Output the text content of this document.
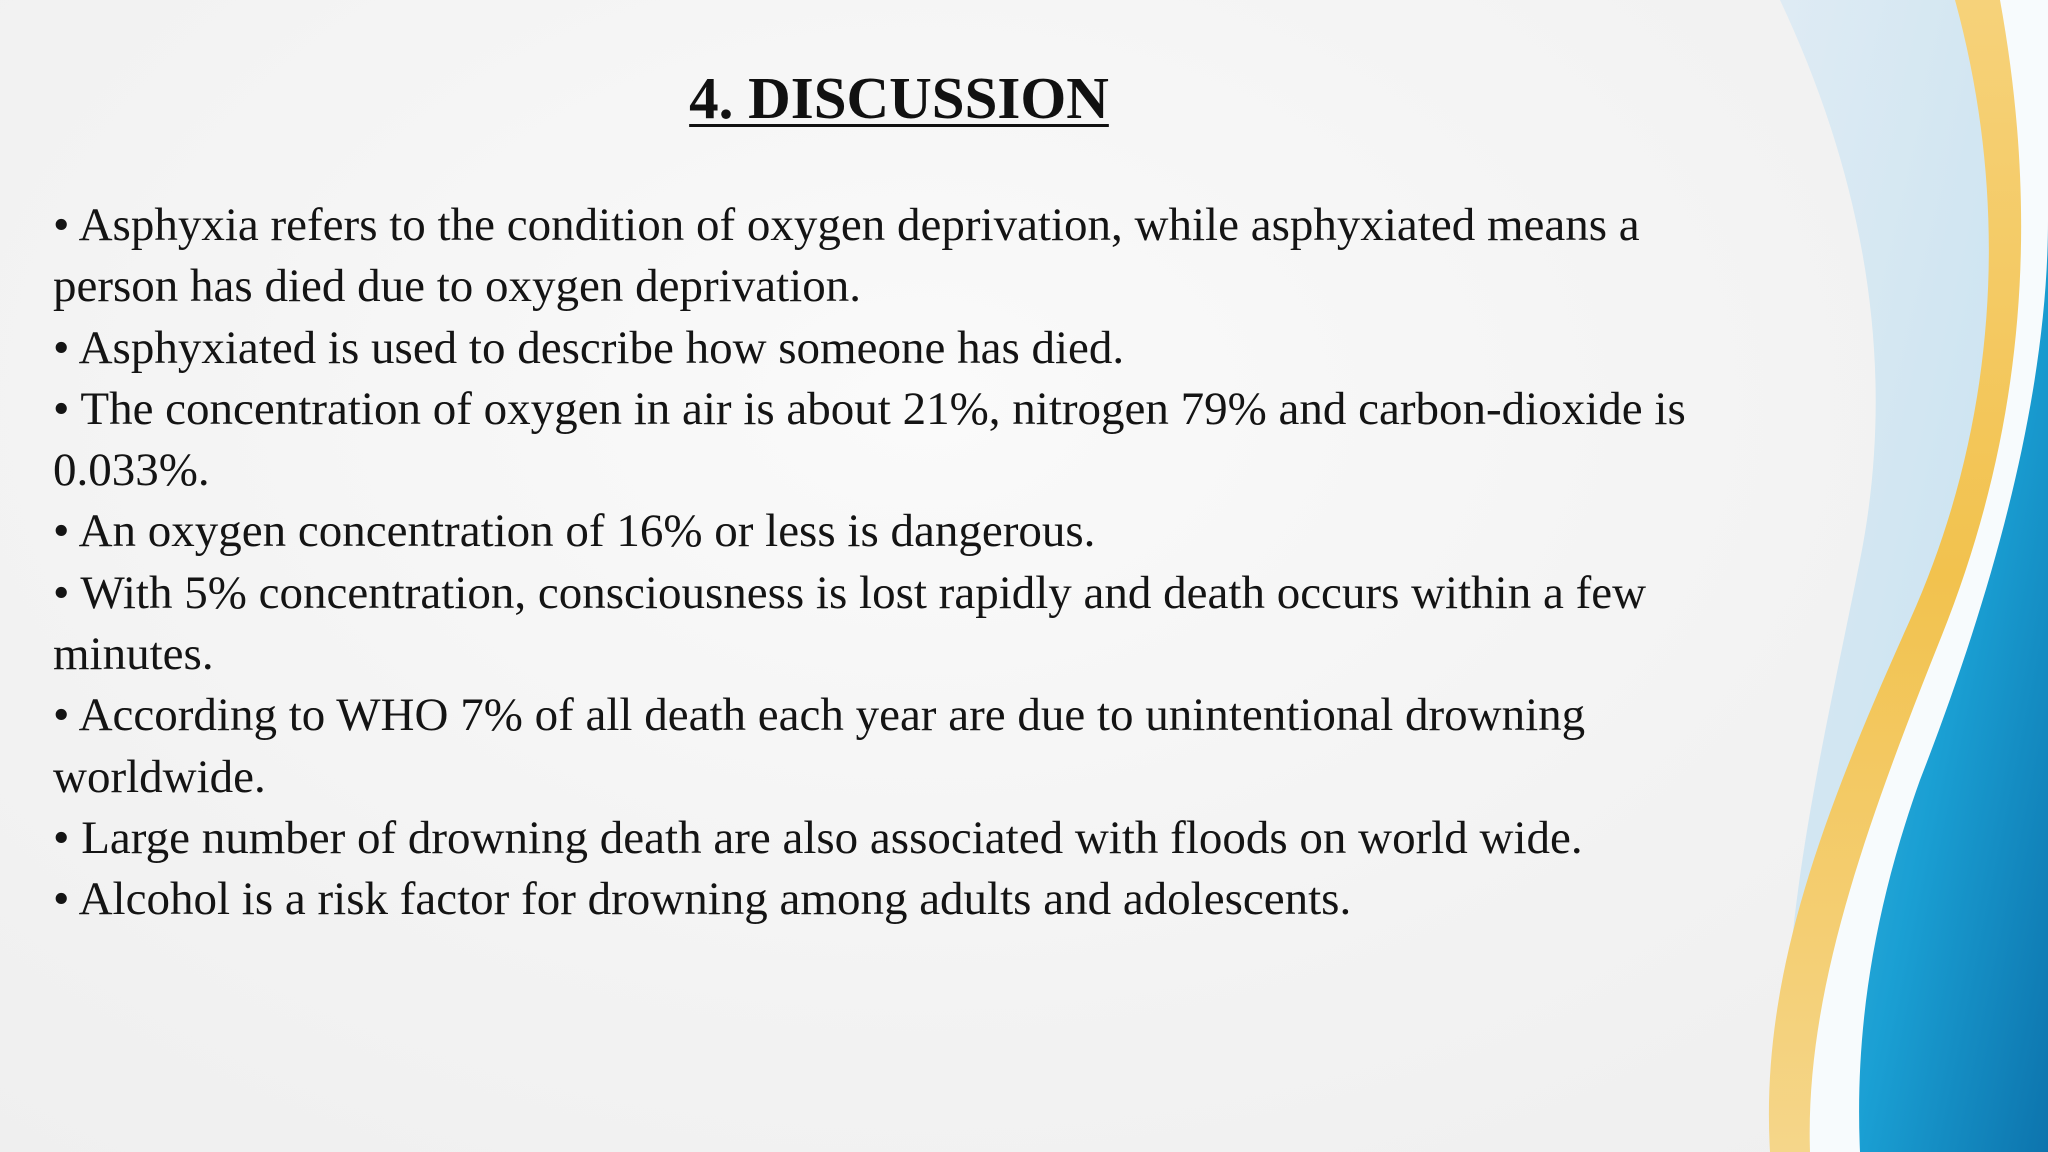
4. DISCUSSION
• Asphyxia refers to the condition of oxygen deprivation, while asphyxiated means a person has died due to oxygen deprivation.
• Asphyxiated is used to describe how someone has died.
• The concentration of oxygen in air is about 21%, nitrogen 79% and carbon-dioxide is 0.033%.
• An oxygen concentration of 16% or less is dangerous.
• With 5% concentration, consciousness is lost rapidly and death occurs within a few minutes.
• According to WHO 7% of all death each year are due to unintentional drowning worldwide.
• Large number of drowning death are also associated with floods on world wide.
• Alcohol is a risk factor for drowning among adults and adolescents.
